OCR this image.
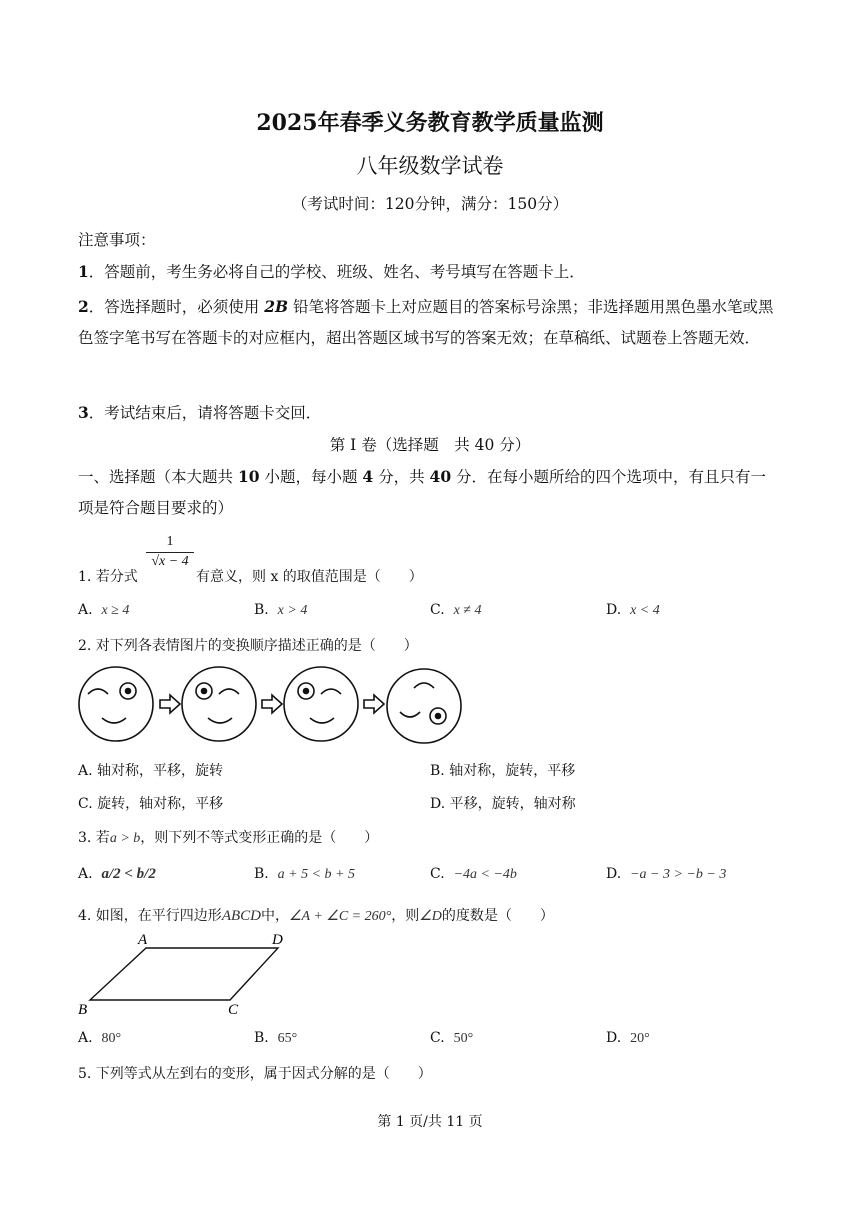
2025年春季义务教育教学质量监测
八年级数学试卷
（考试时间：120分钟，满分：150分）
注意事项：
1．答题前，考生务必将自己的学校、班级、姓名、考号填写在答题卡上．
2．答选择题时，必须使用 2B 铅笔将答题卡上对应题目的答案标号涂黑；非选择题用黑色墨水笔或黑色签字笔书写在答题卡的对应框内，超出答题区域书写的答案无效；在草稿纸、试题卷上答题无效．
3．考试结束后，请将答题卡交回．
第 I 卷（选择题　共 40 分）
一、选择题（本大题共 10 小题，每小题 4 分，共 40 分．在每小题所给的四个选项中，有且只有一项是符合题目要求的）
1. 若分式
$\frac{1}{√x - 4}$
有意义，则 x 的取值范围是（　　）
A. x ≥ 4	B. x > 4	C. x ≠ 4	D. x < 4
2. 对下列各表情图片的变换顺序描述正确的是（　　）
A. 轴对称，平移，旋转	B. 轴对称，旋转，平移
C. 旋转，轴对称，平移	D. 平移，旋转，轴对称
3. 若a > b，则下列不等式变形正确的是（　　）
A. a/2 < b/2	B. a + 5 < b + 5	C. −4a < −4b	D. −a − 3 > −b − 3
4. 如图，在平行四边形ABCD中，∠A + ∠C = 260°，则∠D的度数是（　　）
A	D
B	C
A. 80°	B. 65°	C. 50°	D. 20°
5. 下列等式从左到右的变形，属于因式分解的是（　　）
第 1 页/共 11 页
